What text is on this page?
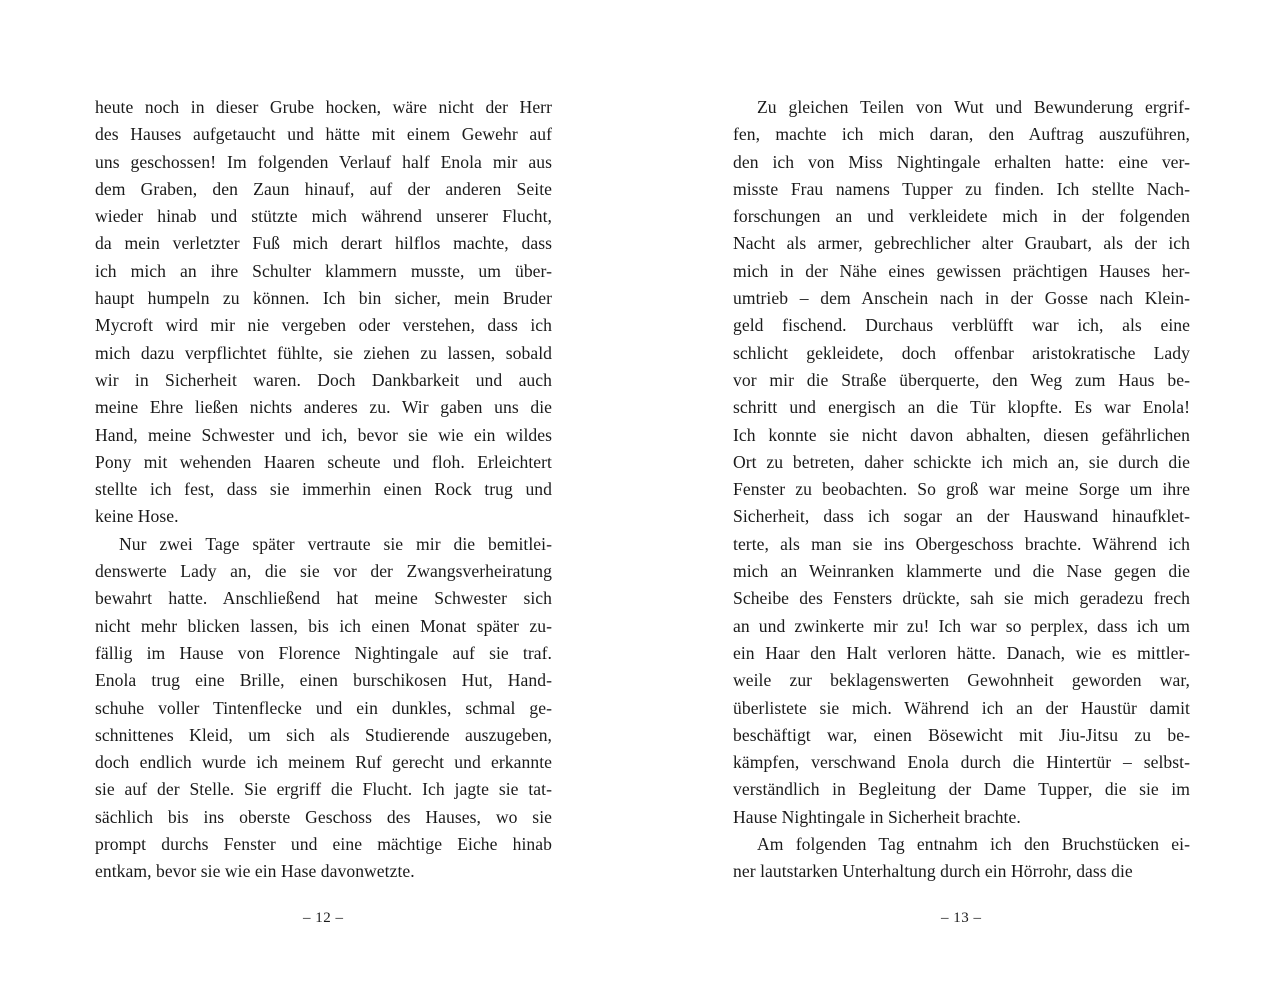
heute noch in dieser Grube hocken, wäre nicht der Herr
des Hauses aufgetaucht und hätte mit einem Gewehr auf
uns geschossen! Im folgenden Verlauf half Enola mir aus
dem Graben, den Zaun hinauf, auf der anderen Seite
wieder hinab und stützte mich während unserer Flucht,
da mein verletzter Fuß mich derart hilflos machte, dass
ich mich an ihre Schulter klammern musste, um über-
haupt humpeln zu können. Ich bin sicher, mein Bruder
Mycroft wird mir nie vergeben oder verstehen, dass ich
mich dazu verpflichtet fühlte, sie ziehen zu lassen, sobald
wir in Sicherheit waren. Doch Dankbarkeit und auch
meine Ehre ließen nichts anderes zu. Wir gaben uns die
Hand, meine Schwester und ich, bevor sie wie ein wildes
Pony mit wehenden Haaren scheute und floh. Erleichtert
stellte ich fest, dass sie immerhin einen Rock trug und
keine Hose.
Nur zwei Tage später vertraute sie mir die bemitlei-
denswerte Lady an, die sie vor der Zwangsverheiratung
bewahrt hatte. Anschließend hat meine Schwester sich
nicht mehr blicken lassen, bis ich einen Monat später zu-
fällig im Hause von Florence Nightingale auf sie traf.
Enola trug eine Brille, einen burschikosen Hut, Hand-
schuhe voller Tintenflecke und ein dunkles, schmal ge-
schnittenes Kleid, um sich als Studierende auszugeben,
doch endlich wurde ich meinem Ruf gerecht und erkannte
sie auf der Stelle. Sie ergriff die Flucht. Ich jagte sie tat-
sächlich bis ins oberste Geschoss des Hauses, wo sie
prompt durchs Fenster und eine mächtige Eiche hinab
entkam, bevor sie wie ein Hase davonwetzte.
– 12 –
Zu gleichen Teilen von Wut und Bewunderung ergrif-
fen, machte ich mich daran, den Auftrag auszuführen,
den ich von Miss Nightingale erhalten hatte: eine ver-
misste Frau namens Tupper zu finden. Ich stellte Nach-
forschungen an und verkleidete mich in der folgenden
Nacht als armer, gebrechlicher alter Graubart, als der ich
mich in der Nähe eines gewissen prächtigen Hauses her-
umtrieb – dem Anschein nach in der Gosse nach Klein-
geld fischend. Durchaus verblüfft war ich, als eine
schlicht gekleidete, doch offenbar aristokratische Lady
vor mir die Straße überquerte, den Weg zum Haus be-
schritt und energisch an die Tür klopfte. Es war Enola!
Ich konnte sie nicht davon abhalten, diesen gefährlichen
Ort zu betreten, daher schickte ich mich an, sie durch die
Fenster zu beobachten. So groß war meine Sorge um ihre
Sicherheit, dass ich sogar an der Hauswand hinaufklet-
terte, als man sie ins Obergeschoss brachte. Während ich
mich an Weinranken klammerte und die Nase gegen die
Scheibe des Fensters drückte, sah sie mich geradezu frech
an und zwinkerte mir zu! Ich war so perplex, dass ich um
ein Haar den Halt verloren hätte. Danach, wie es mittler-
weile zur beklagenswerten Gewohnheit geworden war,
überlistete sie mich. Während ich an der Haustür damit
beschäftigt war, einen Bösewicht mit Jiu-Jitsu zu be-
kämpfen, verschwand Enola durch die Hintertür – selbst-
verständlich in Begleitung der Dame Tupper, die sie im
Hause Nightingale in Sicherheit brachte.
Am folgenden Tag entnahm ich den Bruchstücken ei-
ner lautstarken Unterhaltung durch ein Hörrohr, dass die
– 13 –
